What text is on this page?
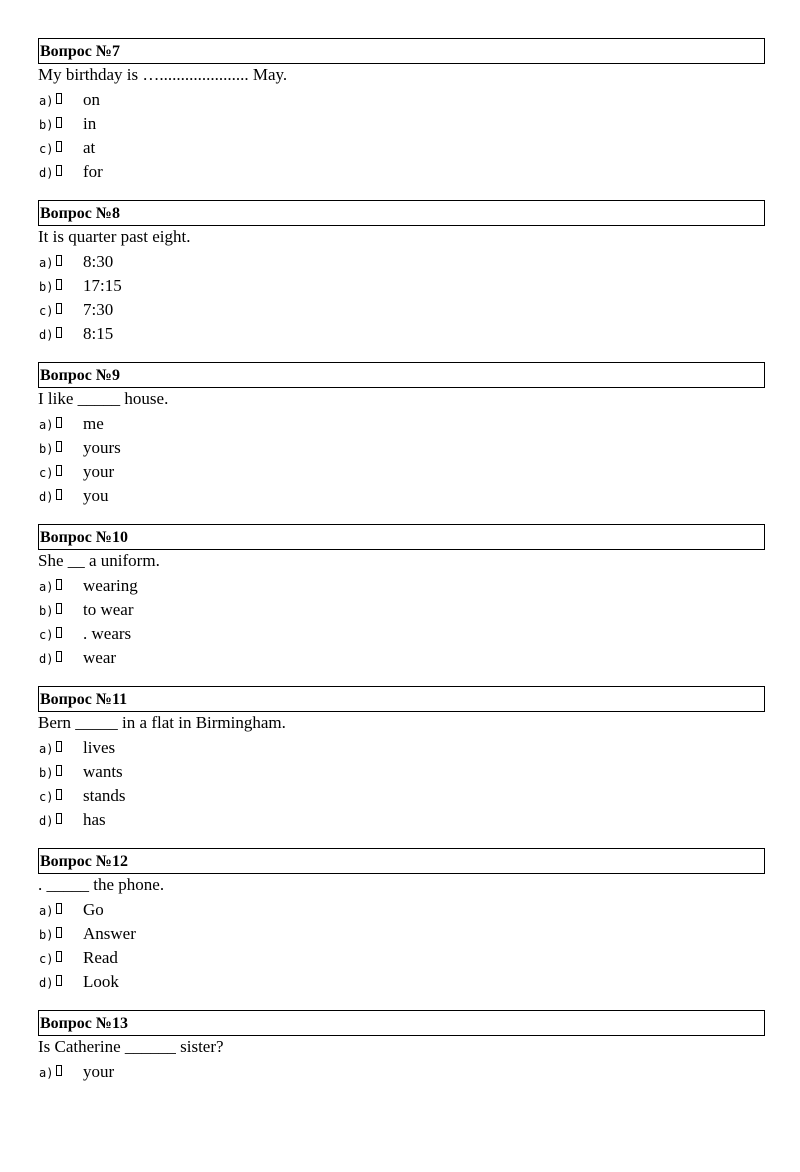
Вопрос №7
My birthday is …..................... May.
a) on
b) in
c) at
d) for
Вопрос №8
It is quarter past eight.
a) 8:30
b) 17:15
c) 7:30
d) 8:15
Вопрос №9
I like _____ house.
a) me
b) yours
c) your
d) you
Вопрос №10
She __ a uniform.
a) wearing
b) to wear
c) . wears
d) wear
Вопрос №11
Bern _____ in a flat in Birmingham.
a) lives
b) wants
c) stands
d) has
Вопрос №12
. _____ the phone.
a) Go
b) Answer
c) Read
d) Look
Вопрос №13
Is Catherine ______ sister?
a) your
